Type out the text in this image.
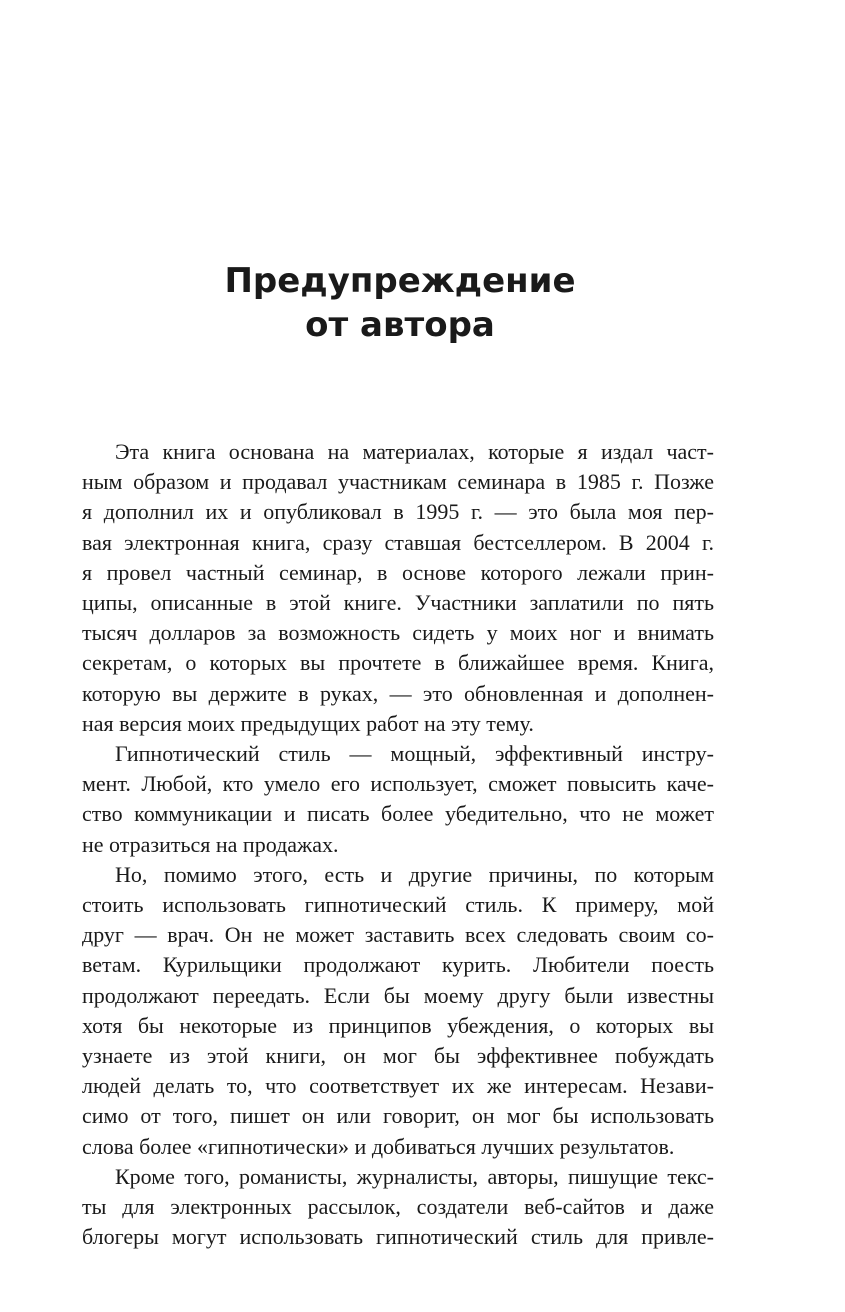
Предупреждение
от автора
Эта книга основана на материалах, которые я издал част-
ным образом и продавал участникам семинара в 1985 г. Позже
я дополнил их и опубликовал в 1995 г. — это была моя пер-
вая электронная книга, сразу ставшая бестселлером. В 2004 г.
я провел частный семинар, в основе которого лежали прин-
ципы, описанные в этой книге. Участники заплатили по пять
тысяч долларов за возможность сидеть у моих ног и внимать
секретам, о которых вы прочтете в ближайшее время. Книга,
которую вы держите в руках, — это обновленная и дополнен-
ная версия моих предыдущих работ на эту тему.
Гипнотический стиль — мощный, эффективный инстру-
мент. Любой, кто умело его использует, сможет повысить каче-
ство коммуникации и писать более убедительно, что не может
не отразиться на продажах.
Но, помимо этого, есть и другие причины, по которым
стоить использовать гипнотический стиль. К примеру, мой
друг — врач. Он не может заставить всех следовать своим со-
ветам. Курильщики продолжают курить. Любители поесть
продолжают переедать. Если бы моему другу были известны
хотя бы некоторые из принципов убеждения, о которых вы
узнаете из этой книги, он мог бы эффективнее побуждать
людей делать то, что соответствует их же интересам. Незави-
симо от того, пишет он или говорит, он мог бы использовать
слова более «гипнотически» и добиваться лучших результатов.
Кроме того, романисты, журналисты, авторы, пишущие текс-
ты для электронных рассылок, создатели веб-сайтов и даже
блогеры могут использовать гипнотический стиль для привле-
